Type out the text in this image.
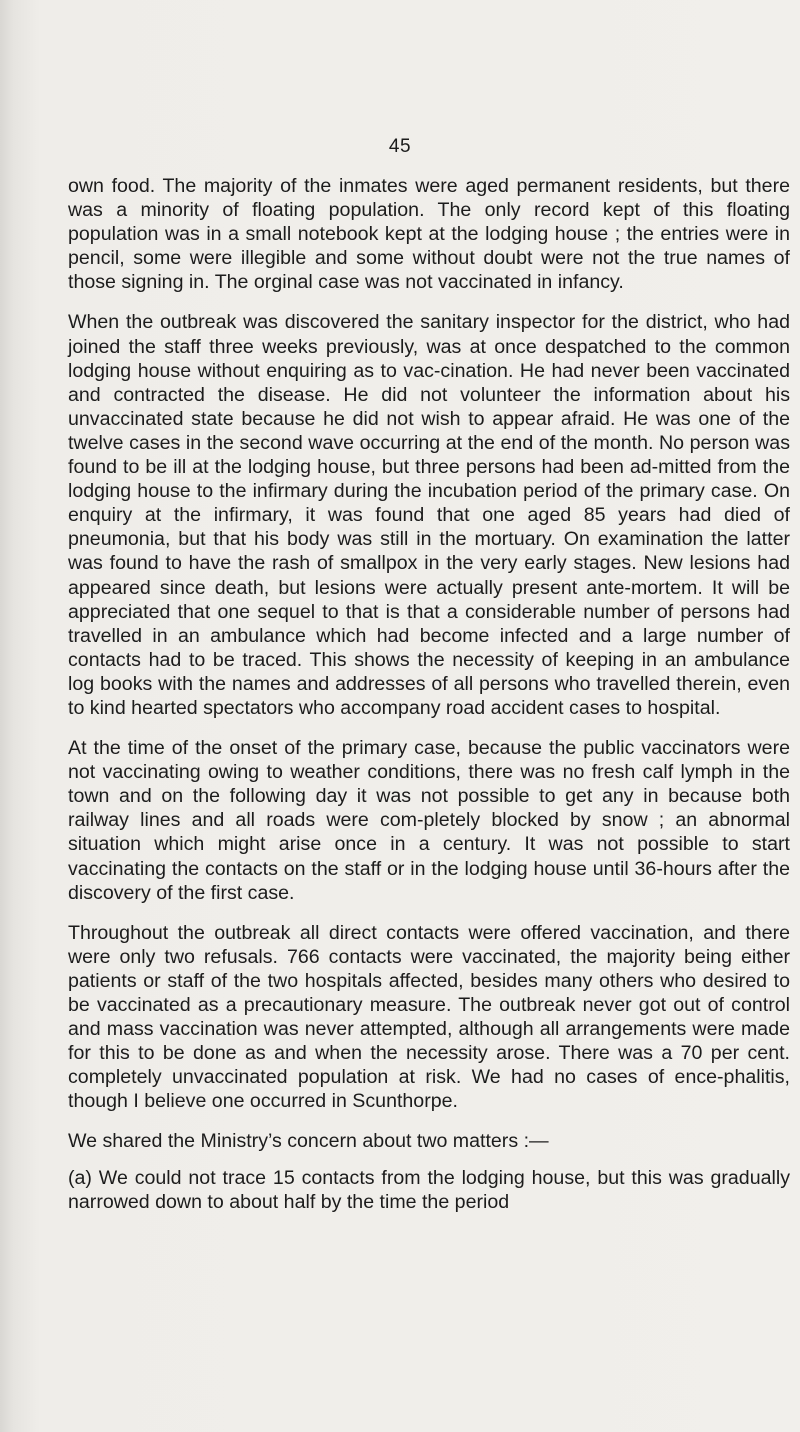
45

own food. The majority of the inmates were aged permanent residents, but there was a minority of floating population. The only record kept of this floating population was in a small notebook kept at the lodging house ; the entries were in pencil, some were illegible and some without doubt were not the true names of those signing in. The orginal case was not vaccinated in infancy.

When the outbreak was discovered the sanitary inspector for the district, who had joined the staff three weeks previously, was at once despatched to the common lodging house without enquiring as to vac-cination. He had never been vaccinated and contracted the disease. He did not volunteer the information about his unvaccinated state because he did not wish to appear afraid. He was one of the twelve cases in the second wave occurring at the end of the month. No person was found to be ill at the lodging house, but three persons had been ad-mitted from the lodging house to the infirmary during the incubation period of the primary case. On enquiry at the infirmary, it was found that one aged 85 years had died of pneumonia, but that his body was still in the mortuary. On examination the latter was found to have the rash of smallpox in the very early stages. New lesions had appeared since death, but lesions were actually present ante-mortem. It will be appreciated that one sequel to that is that a considerable number of persons had travelled in an ambulance which had become infected and a large number of contacts had to be traced. This shows the necessity of keeping in an ambulance log books with the names and addresses of all persons who travelled therein, even to kind hearted spectators who accompany road accident cases to hospital.

At the time of the onset of the primary case, because the public vaccinators were not vaccinating owing to weather conditions, there was no fresh calf lymph in the town and on the following day it was not possible to get any in because both railway lines and all roads were com-pletely blocked by snow ; an abnormal situation which might arise once in a century. It was not possible to start vaccinating the contacts on the staff or in the lodging house until 36-hours after the discovery of the first case.

Throughout the outbreak all direct contacts were offered vaccination, and there were only two refusals. 766 contacts were vaccinated, the majority being either patients or staff of the two hospitals affected, besides many others who desired to be vaccinated as a precautionary measure. The outbreak never got out of control and mass vaccination was never attempted, although all arrangements were made for this to be done as and when the necessity arose. There was a 70 per cent. completely unvaccinated population at risk. We had no cases of ence-phalitis, though I believe one occurred in Scunthorpe.

We shared the Ministry’s concern about two matters :—

(a) We could not trace 15 contacts from the lodging house, but this was gradually narrowed down to about half by the time the period
